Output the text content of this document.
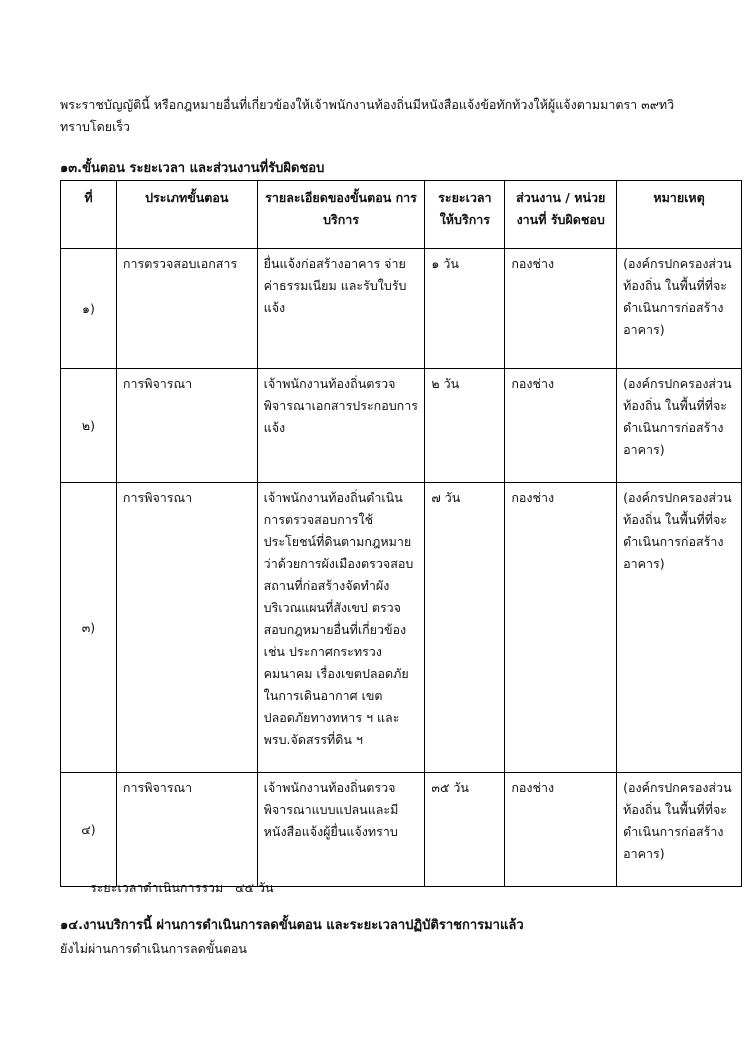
พระราชบัญญัตินี้ หรือกฎหมายอื่นที่เกี่ยวข้องให้เจ้าพนักงานท้องถิ่นมีหนังสือแจ้งข้อทักท้วงให้ผู้แจ้งตามมาตรา ๓๙ทวิ ทราบโดยเร็ว
๑๓.ขั้นตอน ระยะเวลา และส่วนงานที่รับผิดชอบ
ที่	ประเภทขั้นตอน	รายละเอียดของขั้นตอน การบริการ	ระยะเวลา ให้บริการ	ส่วนงาน / หน่วยงานที่ รับผิดชอบ	หมายเหตุ
๑)	การตรวจสอบเอกสาร	ยื่นแจ้งก่อสร้างอาคาร จ่ายค่าธรรมเนียม และรับใบรับแจ้ง	๑ วัน	กองช่าง	(องค์กรปกครองส่วนท้องถิ่น ในพื้นที่ที่จะดำเนินการก่อสร้างอาคาร)
๒)	การพิจารณา	เจ้าพนักงานท้องถิ่นตรวจพิจารณาเอกสารประกอบการแจ้ง	๒ วัน	กองช่าง	(องค์กรปกครองส่วนท้องถิ่น ในพื้นที่ที่จะดำเนินการก่อสร้างอาคาร)
๓)	การพิจารณา	เจ้าพนักงานท้องถิ่นดำเนินการตรวจสอบการใช้ประโยชน์ที่ดินตามกฎหมายว่าด้วยการผังเมืองตรวจสอบสถานที่ก่อสร้างจัดทำผังบริเวณแผนที่สังเขป ตรวจสอบกฎหมายอื่นที่เกี่ยวข้อง เช่น ประกาศกระทรวงคมนาคม เรื่องเขตปลอดภัยในการเดินอากาศ เขตปลอดภัยทางทหาร ฯ และ พรบ.จัดสรรที่ดิน ฯ	๗ วัน	กองช่าง	(องค์กรปกครองส่วนท้องถิ่น ในพื้นที่ที่จะดำเนินการก่อสร้างอาคาร)
๔)	การพิจารณา	เจ้าพนักงานท้องถิ่นตรวจพิจารณาแบบแปลนและมีหนังสือแจ้งผู้ยื่นแจ้งทราบ	๓๕ วัน	กองช่าง	(องค์กรปกครองส่วนท้องถิ่น ในพื้นที่ที่จะดำเนินการก่อสร้างอาคาร)
ระยะเวลาดำเนินการรวม ๔๕ วัน
๑๔.งานบริการนี้ ผ่านการดำเนินการลดขั้นตอน และระยะเวลาปฏิบัติราชการมาแล้ว
ยังไม่ผ่านการดำเนินการลดขั้นตอน
